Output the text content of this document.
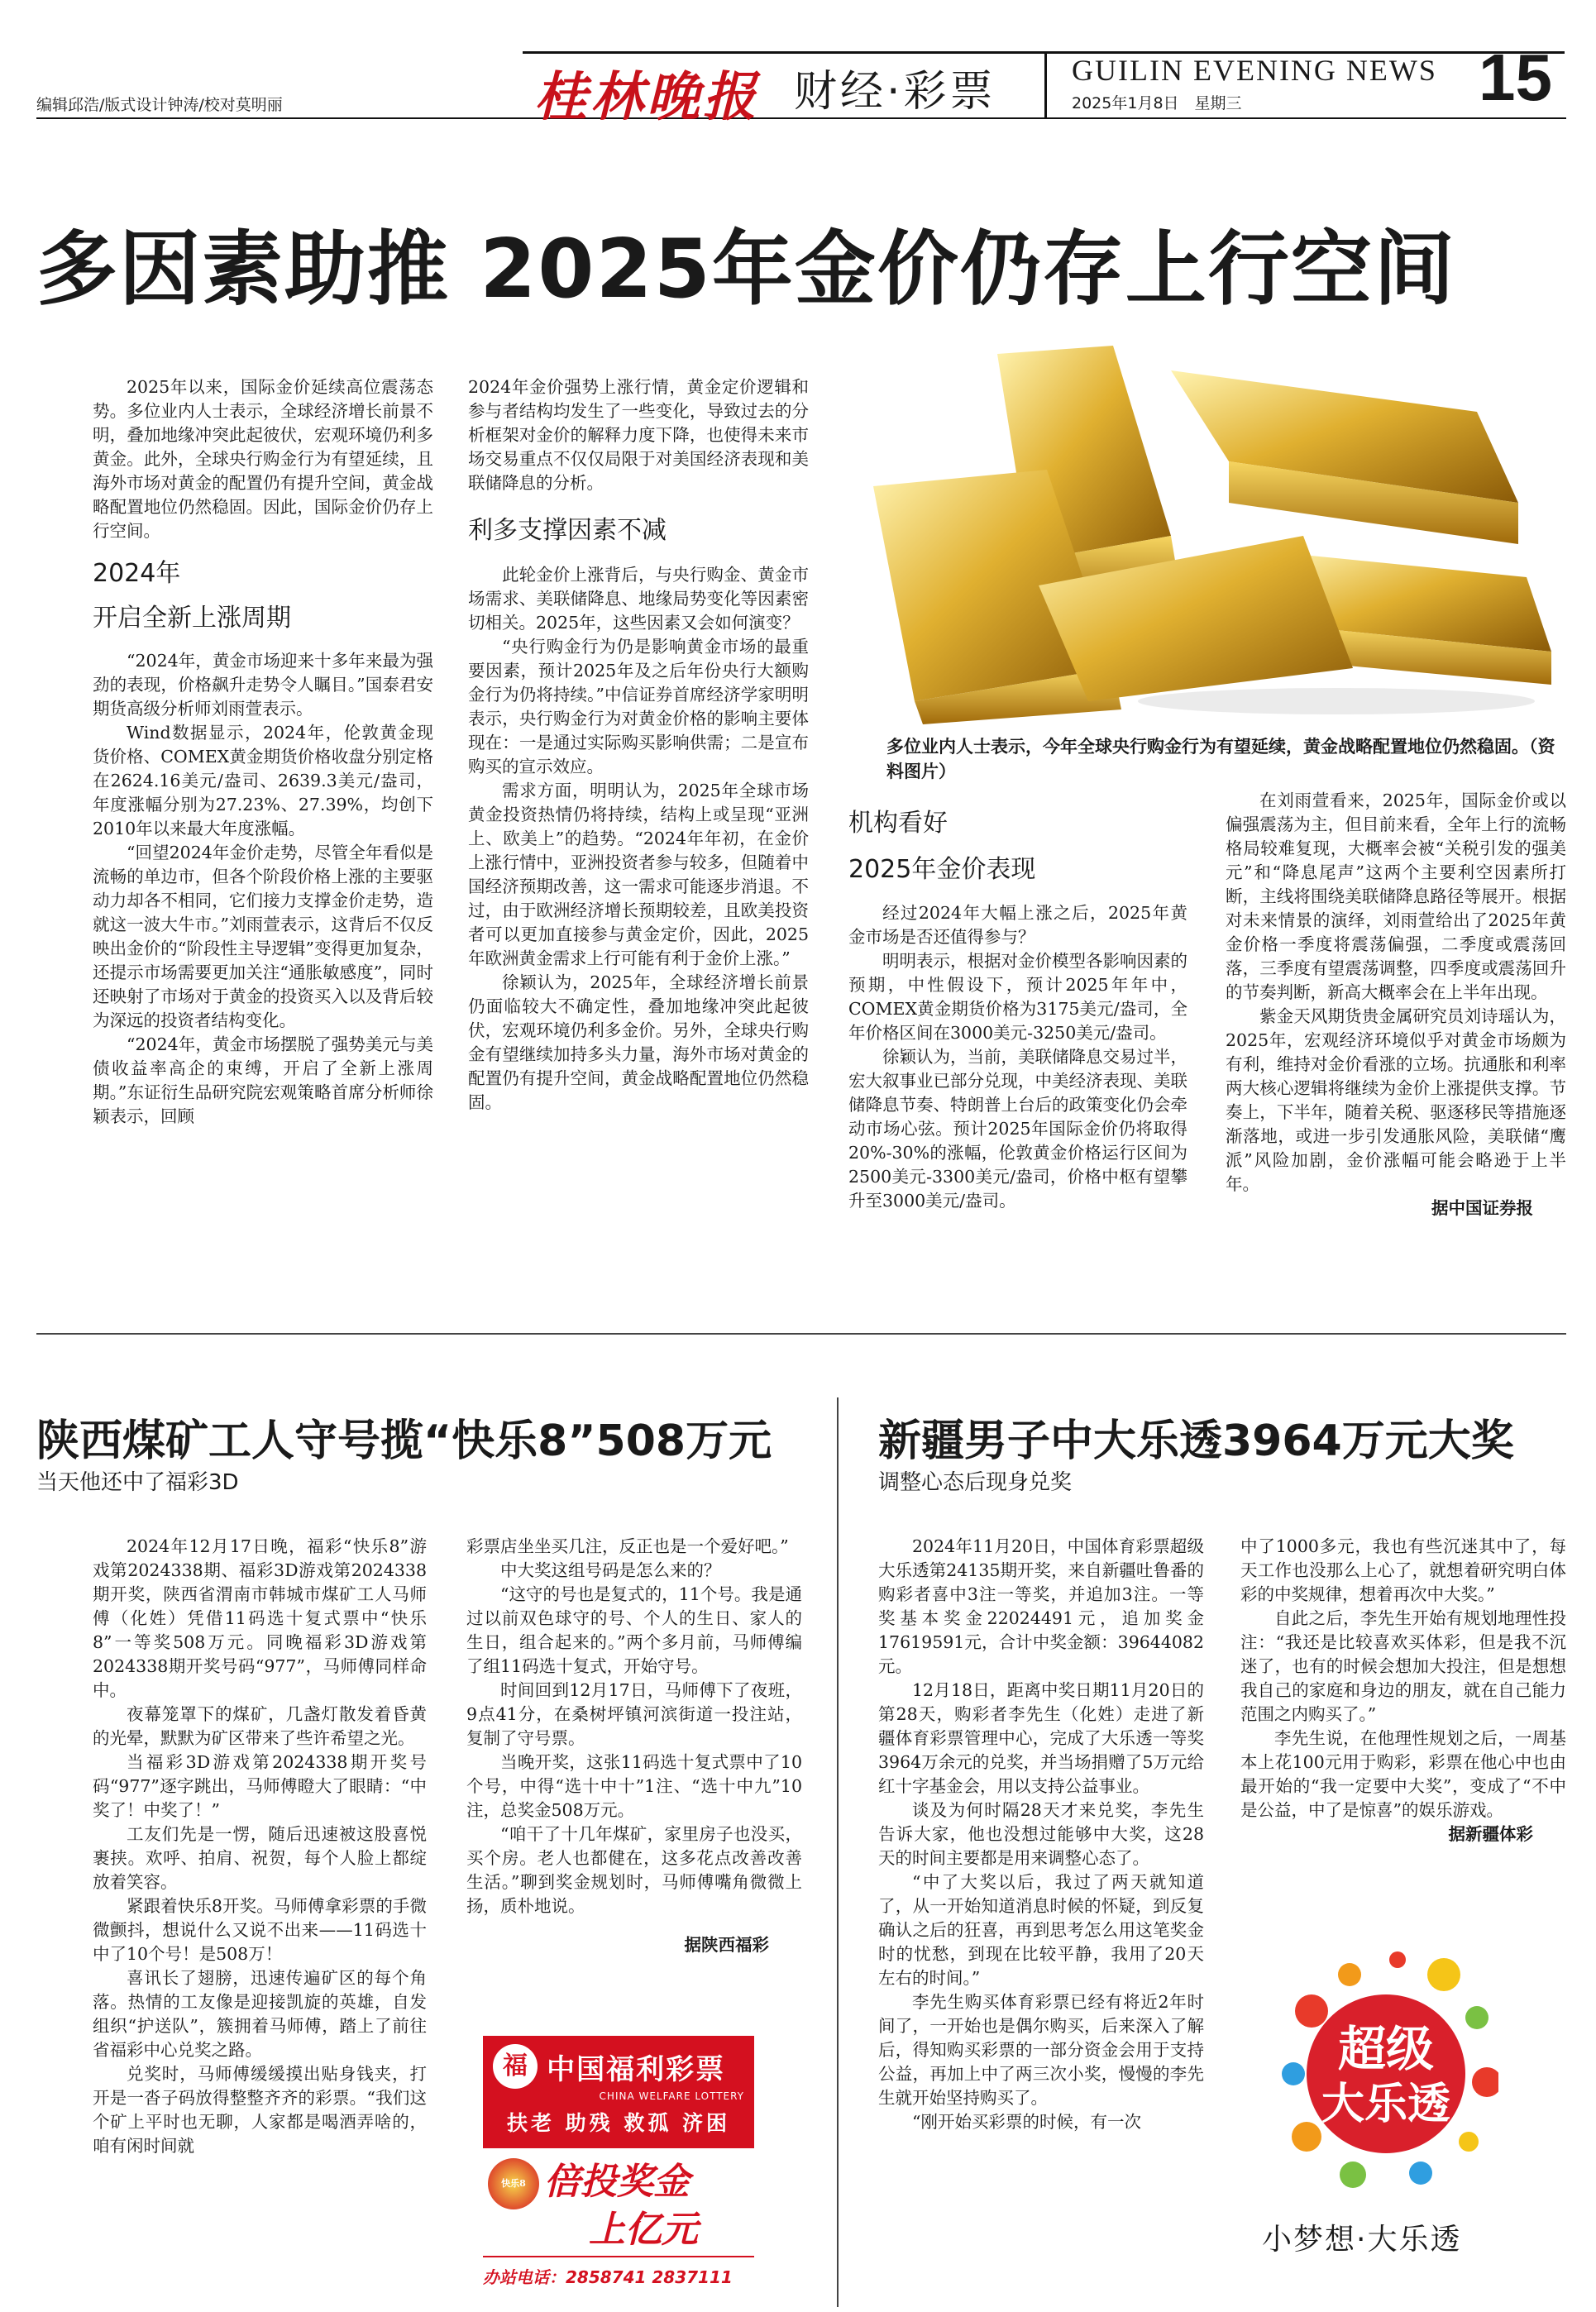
编辑邱浩/版式设计钟涛/校对莫明丽	桂林晚报 财经·彩票	GUILIN EVENING NEWS
2025年1月8日　星期三	15
多因素助推 2025年金价仍存上行空间

2025年以来，国际金价延续高位震荡态势。多位业内人士表示，全球经济增长前景不明，叠加地缘冲突此起彼伏，宏观环境仍利多黄金。此外，全球央行购金行为有望延续，且海外市场对黄金的配置仍有提升空间，黄金战略配置地位仍然稳固。因此，国际金价仍存上行空间。

2024年
开启全新上涨周期

“2024年，黄金市场迎来十多年来最为强劲的表现，价格飙升走势令人瞩目。”国泰君安期货高级分析师刘雨萱表示。

Wind数据显示，2024年，伦敦黄金现货价格、COMEX黄金期货价格收盘分别定格在2624.16美元/盎司、2639.3美元/盎司，年度涨幅分别为27.23%、27.39%，均创下2010年以来最大年度涨幅。

“回望2024年金价走势，尽管全年看似是流畅的单边市，但各个阶段价格上涨的主要驱动力却各不相同，它们接力支撑金价走势，造就这一波大牛市。”刘雨萱表示，这背后不仅反映出金价的“阶段性主导逻辑”变得更加复杂，还提示市场需要更加关注“通胀敏感度”，同时还映射了市场对于黄金的投资买入以及背后较为深远的投资者结构变化。

“2024年，黄金市场摆脱了强势美元与美债收益率高企的束缚，开启了全新上涨周期。”东证衍生品研究院宏观策略首席分析师徐颖表示，回顾

2024年金价强势上涨行情，黄金定价逻辑和参与者结构均发生了一些变化，导致过去的分析框架对金价的解释力度下降，也使得未来市场交易重点不仅仅局限于对美国经济表现和美联储降息的分析。

利多支撑因素不减

此轮金价上涨背后，与央行购金、黄金市场需求、美联储降息、地缘局势变化等因素密切相关。2025年，这些因素又会如何演变？

“央行购金行为仍是影响黄金市场的最重要因素，预计2025年及之后年份央行大额购金行为仍将持续。”中信证券首席经济学家明明表示，央行购金行为对黄金价格的影响主要体现在：一是通过实际购买影响供需；二是宣布购买的宣示效应。

需求方面，明明认为，2025年全球市场黄金投资热情仍将持续，结构上或呈现“亚洲上、欧美上”的趋势。“2024年年初，在金价上涨行情中，亚洲投资者参与较多，但随着中国经济预期改善，这一需求可能逐步消退。不过，由于欧洲经济增长预期较差，且欧美投资者可以更加直接参与黄金定价，因此，2025年欧洲黄金需求上行可能有利于金价上涨。”

徐颖认为，2025年，全球经济增长前景仍面临较大不确定性，叠加地缘冲突此起彼伏，宏观环境仍利多金价。另外，全球央行购金有望继续加持多头力量，海外市场对黄金的配置仍有提升空间，黄金战略配置地位仍然稳固。

多位业内人士表示，今年全球央行购金行为有望延续，黄金战略配置地位仍然稳固。（资料图片）
机构看好
2025年金价表现

经过2024年大幅上涨之后，2025年黄金市场是否还值得参与？

明明表示，根据对金价模型各影响因素的预期，中性假设下，预计2025年年中，COMEX黄金期货价格为3175美元/盎司，全年价格区间在3000美元-3250美元/盎司。

徐颖认为，当前，美联储降息交易过半，宏大叙事业已部分兑现，中美经济表现、美联储降息节奏、特朗普上台后的政策变化仍会牵动市场心弦。预计2025年国际金价仍将取得20%-30%的涨幅，伦敦黄金价格运行区间为2500美元-3300美元/盎司，价格中枢有望攀升至3000美元/盎司。

在刘雨萱看来，2025年，国际金价或以偏强震荡为主，但目前来看，全年上行的流畅格局较难复现，大概率会被“关税引发的强美元”和“降息尾声”这两个主要利空因素所打断，主线将围绕美联储降息路径等展开。根据对未来情景的演绎，刘雨萱给出了2025年黄金价格一季度将震荡偏强，二季度或震荡回落，三季度有望震荡调整，四季度或震荡回升的节奏判断，新高大概率会在上半年出现。

紫金天风期货贵金属研究员刘诗瑶认为，2025年，宏观经济环境似乎对黄金市场颇为有利，维持对金价看涨的立场。抗通胀和利率两大核心逻辑将继续为金价上涨提供支撑。节奏上，下半年，随着关税、驱逐移民等措施逐渐落地，或进一步引发通胀风险，美联储“鹰派”风险加剧，金价涨幅可能会略逊于上半年。

据中国证券报

陕西煤矿工人守号揽“快乐8”508万元
当天他还中了福彩3D

2024年12月17日晚，福彩“快乐8”游戏第2024338期、福彩3D游戏第2024338期开奖，陕西省渭南市韩城市煤矿工人马师傅（化姓）凭借11码选十复式票中“快乐8”一等奖508万元。同晚福彩3D游戏第2024338期开奖号码“977”，马师傅同样命中。

夜幕笼罩下的煤矿，几盏灯散发着昏黄的光晕，默默为矿区带来了些许希望之光。

当福彩3D游戏第2024338期开奖号码“977”逐字跳出，马师傅瞪大了眼睛：“中奖了！中奖了！”

工友们先是一愣，随后迅速被这股喜悦裹挟。欢呼、拍肩、祝贺，每个人脸上都绽放着笑容。

紧跟着快乐8开奖。马师傅拿彩票的手微微颤抖，想说什么又说不出来——11码选十中了10个号！是508万！

喜讯长了翅膀，迅速传遍矿区的每个角落。热情的工友像是迎接凯旋的英雄，自发组织“护送队”，簇拥着马师傅，踏上了前往省福彩中心兑奖之路。

兑奖时，马师傅缓缓摸出贴身钱夹，打开是一沓子码放得整整齐齐的彩票。“我们这个矿上平时也无聊，人家都是喝酒弄啥的，咱有闲时间就

彩票店坐坐买几注，反正也是一个爱好吧。”

中大奖这组号码是怎么来的？

“这守的号也是复式的，11个号。我是通过以前双色球守的号、个人的生日、家人的生日，组合起来的。”两个多月前，马师傅编了组11码选十复式，开始守号。

时间回到12月17日，马师傅下了夜班，9点41分，在桑树坪镇河滨街道一投注站，复制了守号票。

当晚开奖，这张11码选十复式票中了10个号，中得“选十中十”1注、“选十中九”10注，总奖金508万元。

“咱干了十几年煤矿，家里房子也没买，买个房。老人也都健在，这多花点改善改善生活。”聊到奖金规划时，马师傅嘴角微微上扬，质朴地说。

据陕西福彩

福 中国福利彩票
CHINA WELFARE LOTTERY
扶老 助残 救孤 济困
快乐8 倍投奖金
上亿元
办站电话：2858741 2837111
新疆男子中大乐透3964万元大奖
调整心态后现身兑奖

2024年11月20日，中国体育彩票超级大乐透第24135期开奖，来自新疆吐鲁番的购彩者喜中3注一等奖，并追加3注。一等奖基本奖金22024491元，追加奖金17619591元，合计中奖金额：39644082元。

12月18日，距离中奖日期11月20日的第28天，购彩者李先生（化姓）走进了新疆体育彩票管理中心，完成了大乐透一等奖3964万余元的兑奖，并当场捐赠了5万元给红十字基金会，用以支持公益事业。

谈及为何时隔28天才来兑奖，李先生告诉大家，他也没想过能够中大奖，这28天的时间主要都是用来调整心态了。

“中了大奖以后，我过了两天就知道了，从一开始知道消息时候的怀疑，到反复确认之后的狂喜，再到思考怎么用这笔奖金时的忧愁，到现在比较平静，我用了20天左右的时间。”

李先生购买体育彩票已经有将近2年时间了，一开始也是偶尔购买，后来深入了解后，得知购买彩票的一部分资金会用于支持公益，再加上中了两三次小奖，慢慢的李先生就开始坚持购买了。

“刚开始买彩票的时候，有一次

中了1000多元，我也有些沉迷其中了，每天工作也没那么上心了，就想着研究明白体彩的中奖规律，想着再次中大奖。”

自此之后，李先生开始有规划地理性投注：“我还是比较喜欢买体彩，但是我不沉迷了，也有的时候会想加大投注，但是想想我自己的家庭和身边的朋友，就在自己能力范围之内购买了。”

李先生说，在他理性规划之后，一周基本上花100元用于购彩，彩票在他心中也由最开始的“我一定要中大奖”，变成了“不中是公益，中了是惊喜”的娱乐游戏。

据新疆体彩

超级
大乐透
小梦想·大乐透
